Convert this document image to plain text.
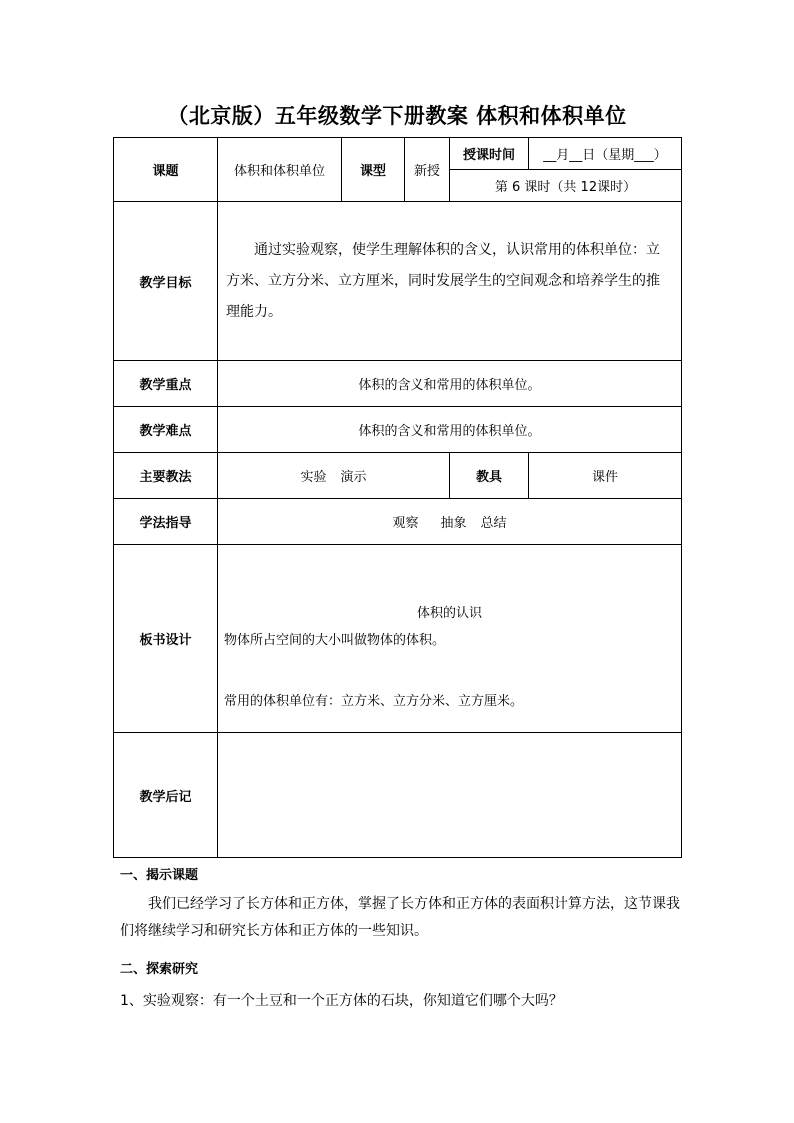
（北京版）五年级数学下册教案 体积和体积单位
课题	体积和体积单位	课型	新授	授课时间	__月__日（星期___）
				第 6 课时（共 12课时）	
教学目标	通过实验观察，使学生理解体积的含义，认识常用的体积单位：立方米、立方分米、立方厘米，同时发展学生的空间观念和培养学生的推理能力。				

教学重点	体积的含义和常用的体积单位。				
教学难点	体积的含义和常用的体积单位。				
主要教法	实验 演示			教具	课件
学法指导	观察 抽象 总结				
板书设计	体积的认识
物体所占空间的大小叫做物体的体积。
常用的体积单位有：立方米、立方分米、立方厘米。				

教学后记					
一、揭示课题
我们已经学习了长方体和正方体，掌握了长方体和正方体的表面积计算方法，这节课我们将继续学习和研究长方体和正方体的一些知识。
二、探索研究
1、实验观察：有一个土豆和一个正方体的石块，你知道它们哪个大吗？
